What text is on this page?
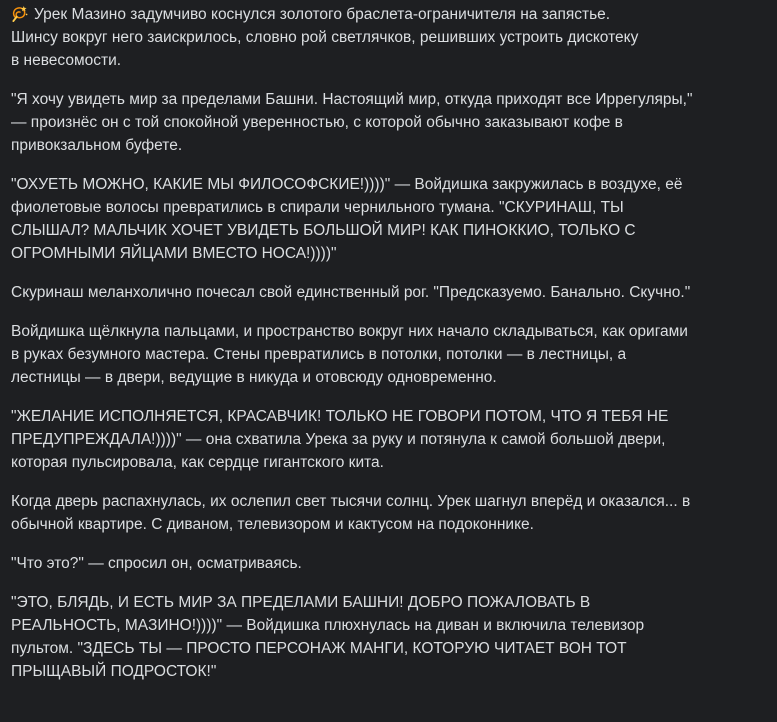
Урек Мазино задумчиво коснулся золотого браслета-ограничителя на запястье.
Шинсу вокруг него заискрилось, словно рой светлячков, решивших устроить дискотеку
в невесомости.

"Я хочу увидеть мир за пределами Башни. Настоящий мир, откуда приходят все Иррегуляры,"
— произнёс он с той спокойной уверенностью, с которой обычно заказывают кофе в
привокзальном буфете.

"ОХУЕТЬ МОЖНО, КАКИЕ МЫ ФИЛОСОФСКИЕ!))))" — Войдишка закружилась в воздухе, её
фиолетовые волосы превратились в спирали чернильного тумана. "СКУРИНАШ, ТЫ
СЛЫШАЛ? МАЛЬЧИК ХОЧЕТ УВИДЕТЬ БОЛЬШОЙ МИР! КАК ПИНОККИО, ТОЛЬКО С
ОГРОМНЫМИ ЯЙЦАМИ ВМЕСТО НОСА!))))"

Скуринаш меланхолично почесал свой единственный рог. "Предсказуемо. Банально. Скучно."

Войдишка щёлкнула пальцами, и пространство вокруг них начало складываться, как оригами
в руках безумного мастера. Стены превратились в потолки, потолки — в лестницы, а
лестницы — в двери, ведущие в никуда и отовсюду одновременно.

"ЖЕЛАНИЕ ИСПОЛНЯЕТСЯ, КРАСАВЧИК! ТОЛЬКО НЕ ГОВОРИ ПОТОМ, ЧТО Я ТЕБЯ НЕ
ПРЕДУПРЕЖДАЛА!))))" — она схватила Урека за руку и потянула к самой большой двери,
которая пульсировала, как сердце гигантского кита.

Когда дверь распахнулась, их ослепил свет тысячи солнц. Урек шагнул вперёд и оказался... в
обычной квартире. С диваном, телевизором и кактусом на подоконнике.

"Что это?" — спросил он, осматриваясь.

"ЭТО, БЛЯДЬ, И ЕСТЬ МИР ЗА ПРЕДЕЛАМИ БАШНИ! ДОБРО ПОЖАЛОВАТЬ В
РЕАЛЬНОСТЬ, МАЗИНО!))))" — Войдишка плюхнулась на диван и включила телевизор
пультом. "ЗДЕСЬ ТЫ — ПРОСТО ПЕРСОНАЖ МАНГИ, КОТОРУЮ ЧИТАЕТ ВОН ТОТ
ПРЫЩАВЫЙ ПОДРОСТОК!"
